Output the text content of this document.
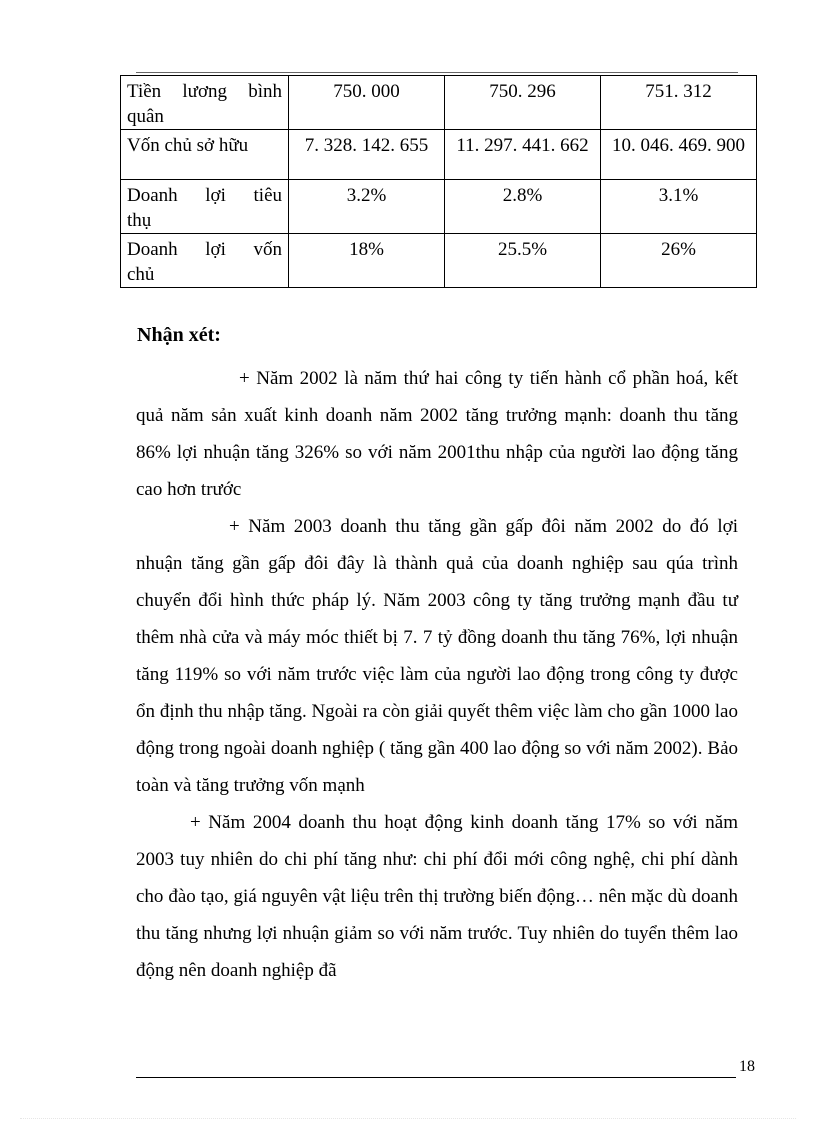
Tiền lương bình
quân	750. 000	750. 296	751. 312
Vốn chủ sở hữu	7. 328. 142. 655	11. 297. 441. 662	10. 046. 469. 900
Doanh lợi tiêu
thụ	3.2%	2.8%	3.1%
Doanh lợi vốn
chủ	18%	25.5%	26%
Nhận xét:

+ Năm 2002 là năm thứ hai công ty tiến hành cổ phần hoá, kết quả năm sản xuất kinh doanh năm 2002 tăng trưởng mạnh: doanh thu tăng 86% lợi nhuận tăng 326% so với năm 2001thu nhập của người lao động tăng cao hơn trước

+ Năm 2003 doanh thu tăng gần gấp đôi năm 2002 do đó lợi nhuận tăng gần gấp đôi đây là thành quả của doanh nghiệp sau qúa trình chuyển đổi hình thức pháp lý. Năm 2003 công ty tăng trưởng mạnh đầu tư thêm nhà cửa và máy móc thiết bị 7. 7 tỷ đồng doanh thu tăng 76%, lợi nhuận tăng 119% so với năm trước việc làm của người lao động trong công ty được ổn định thu nhập tăng. Ngoài ra còn giải quyết thêm việc làm cho gần 1000 lao động trong ngoài doanh nghiệp ( tăng gần 400 lao động so với năm 2002). Bảo toàn và tăng trưởng vốn mạnh

+ Năm 2004 doanh thu hoạt động kinh doanh tăng 17% so với năm 2003 tuy nhiên do chi phí tăng như: chi phí đổi mới công nghệ, chi phí dành cho đào tạo, giá nguyên vật liệu trên thị trường biến động… nên mặc dù doanh thu tăng nhưng lợi nhuận giảm so với năm trước. Tuy nhiên do tuyển thêm lao động nên doanh nghiệp đã

18
